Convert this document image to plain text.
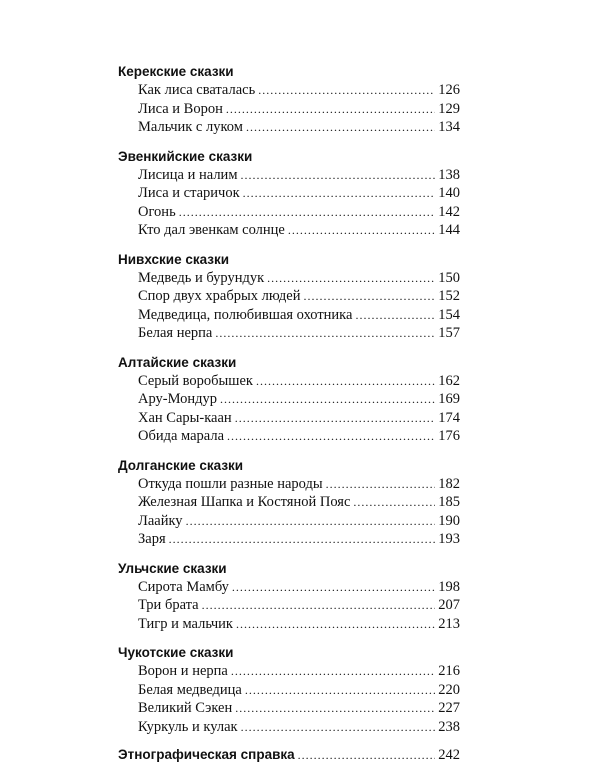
Керекские сказки
Как лиса сваталась .....	126
Лиса и Ворон .....	129
Мальчик с луком .....	134
Эвенкийские сказки
Лисица и налим .....	138
Лиса и старичок .....	140
Огонь .....	142
Кто дал эвенкам солнце .....	144
Нивхские сказки
Медведь и бурундук .....	150
Спор двух храбрых людей .....	152
Медведица, полюбившая охотника .....	154
Белая нерпа .....	157
Алтайские сказки
Серый воробышек .....	162
Ару-Мондур .....	169
Хан Сары-каан .....	174
Обида марала .....	176
Долганские сказки
Откуда пошли разные народы .....	182
Железная Шапка и Костяной Пояс .....	185
Лаайку .....	190
Заря .....	193
Ульчские сказки
Сирота Мамбу .....	198
Три брата .....	207
Тигр и мальчик .....	213
Чукотские сказки
Ворон и нерпа .....	216
Белая медведица .....	220
Великий Сэкен .....	227
Куркуль и кулак .....	238
Этнографическая справка .....	242
